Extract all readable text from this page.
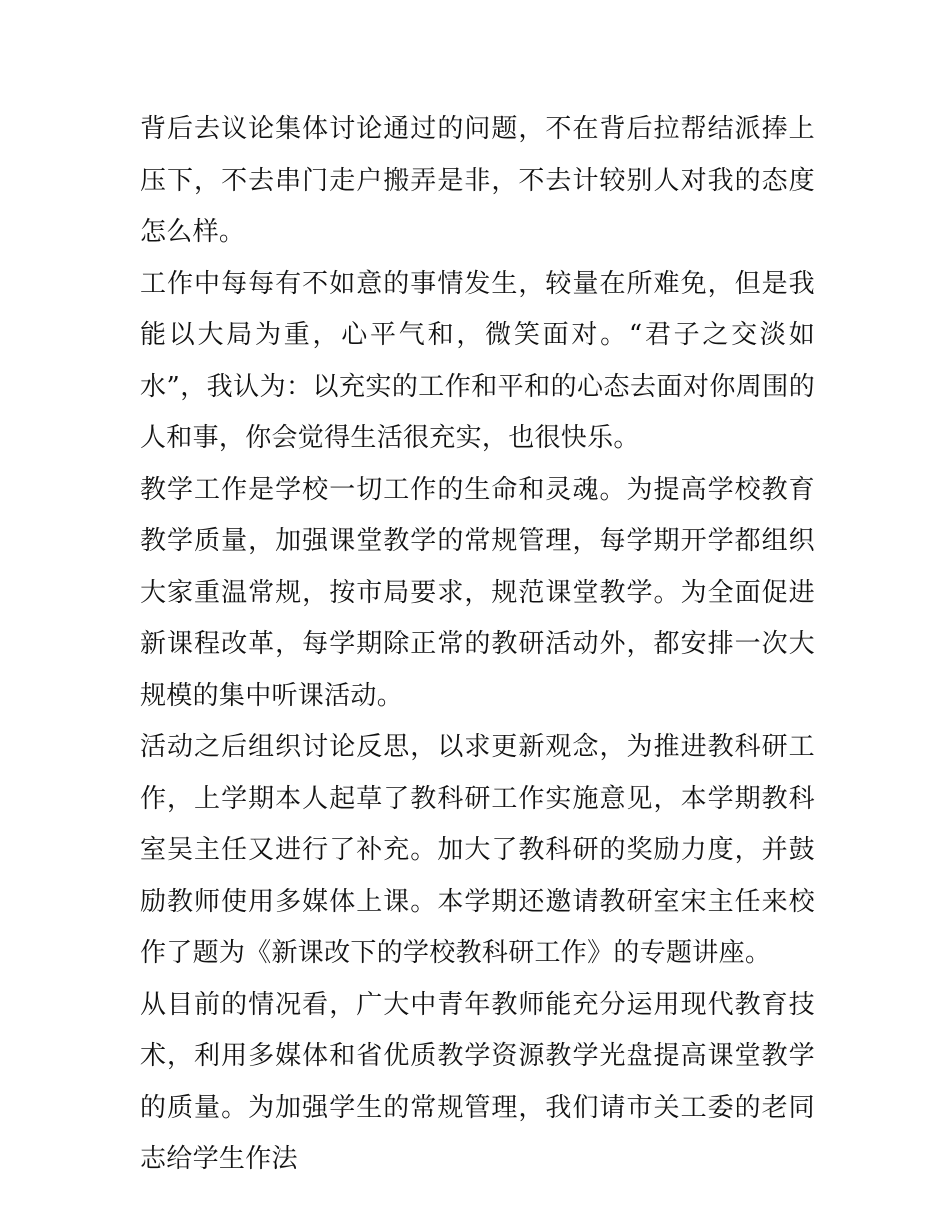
背后去议论集体讨论通过的问题，不在背后拉帮结派捧上压下，不去串门走户搬弄是非，不去计较别人对我的态度怎么样。

工作中每每有不如意的事情发生，较量在所难免，但是我能以大局为重，心平气和，微笑面对。“君子之交淡如水”，我认为：以充实的工作和平和的心态去面对你周围的人和事，你会觉得生活很充实，也很快乐。

教学工作是学校一切工作的生命和灵魂。为提高学校教育教学质量，加强课堂教学的常规管理，每学期开学都组织大家重温常规，按市局要求，规范课堂教学。为全面促进新课程改革，每学期除正常的教研活动外，都安排一次大规模的集中听课活动。

活动之后组织讨论反思，以求更新观念，为推进教科研工作，上学期本人起草了教科研工作实施意见，本学期教科室吴主任又进行了补充。加大了教科研的奖励力度，并鼓励教师使用多媒体上课。本学期还邀请教研室宋主任来校作了题为《新课改下的学校教科研工作》的专题讲座。

从目前的情况看，广大中青年教师能充分运用现代教育技术，利用多媒体和省优质教学资源教学光盘提高课堂教学的质量。为加强学生的常规管理，我们请市关工委的老同志给学生作法
